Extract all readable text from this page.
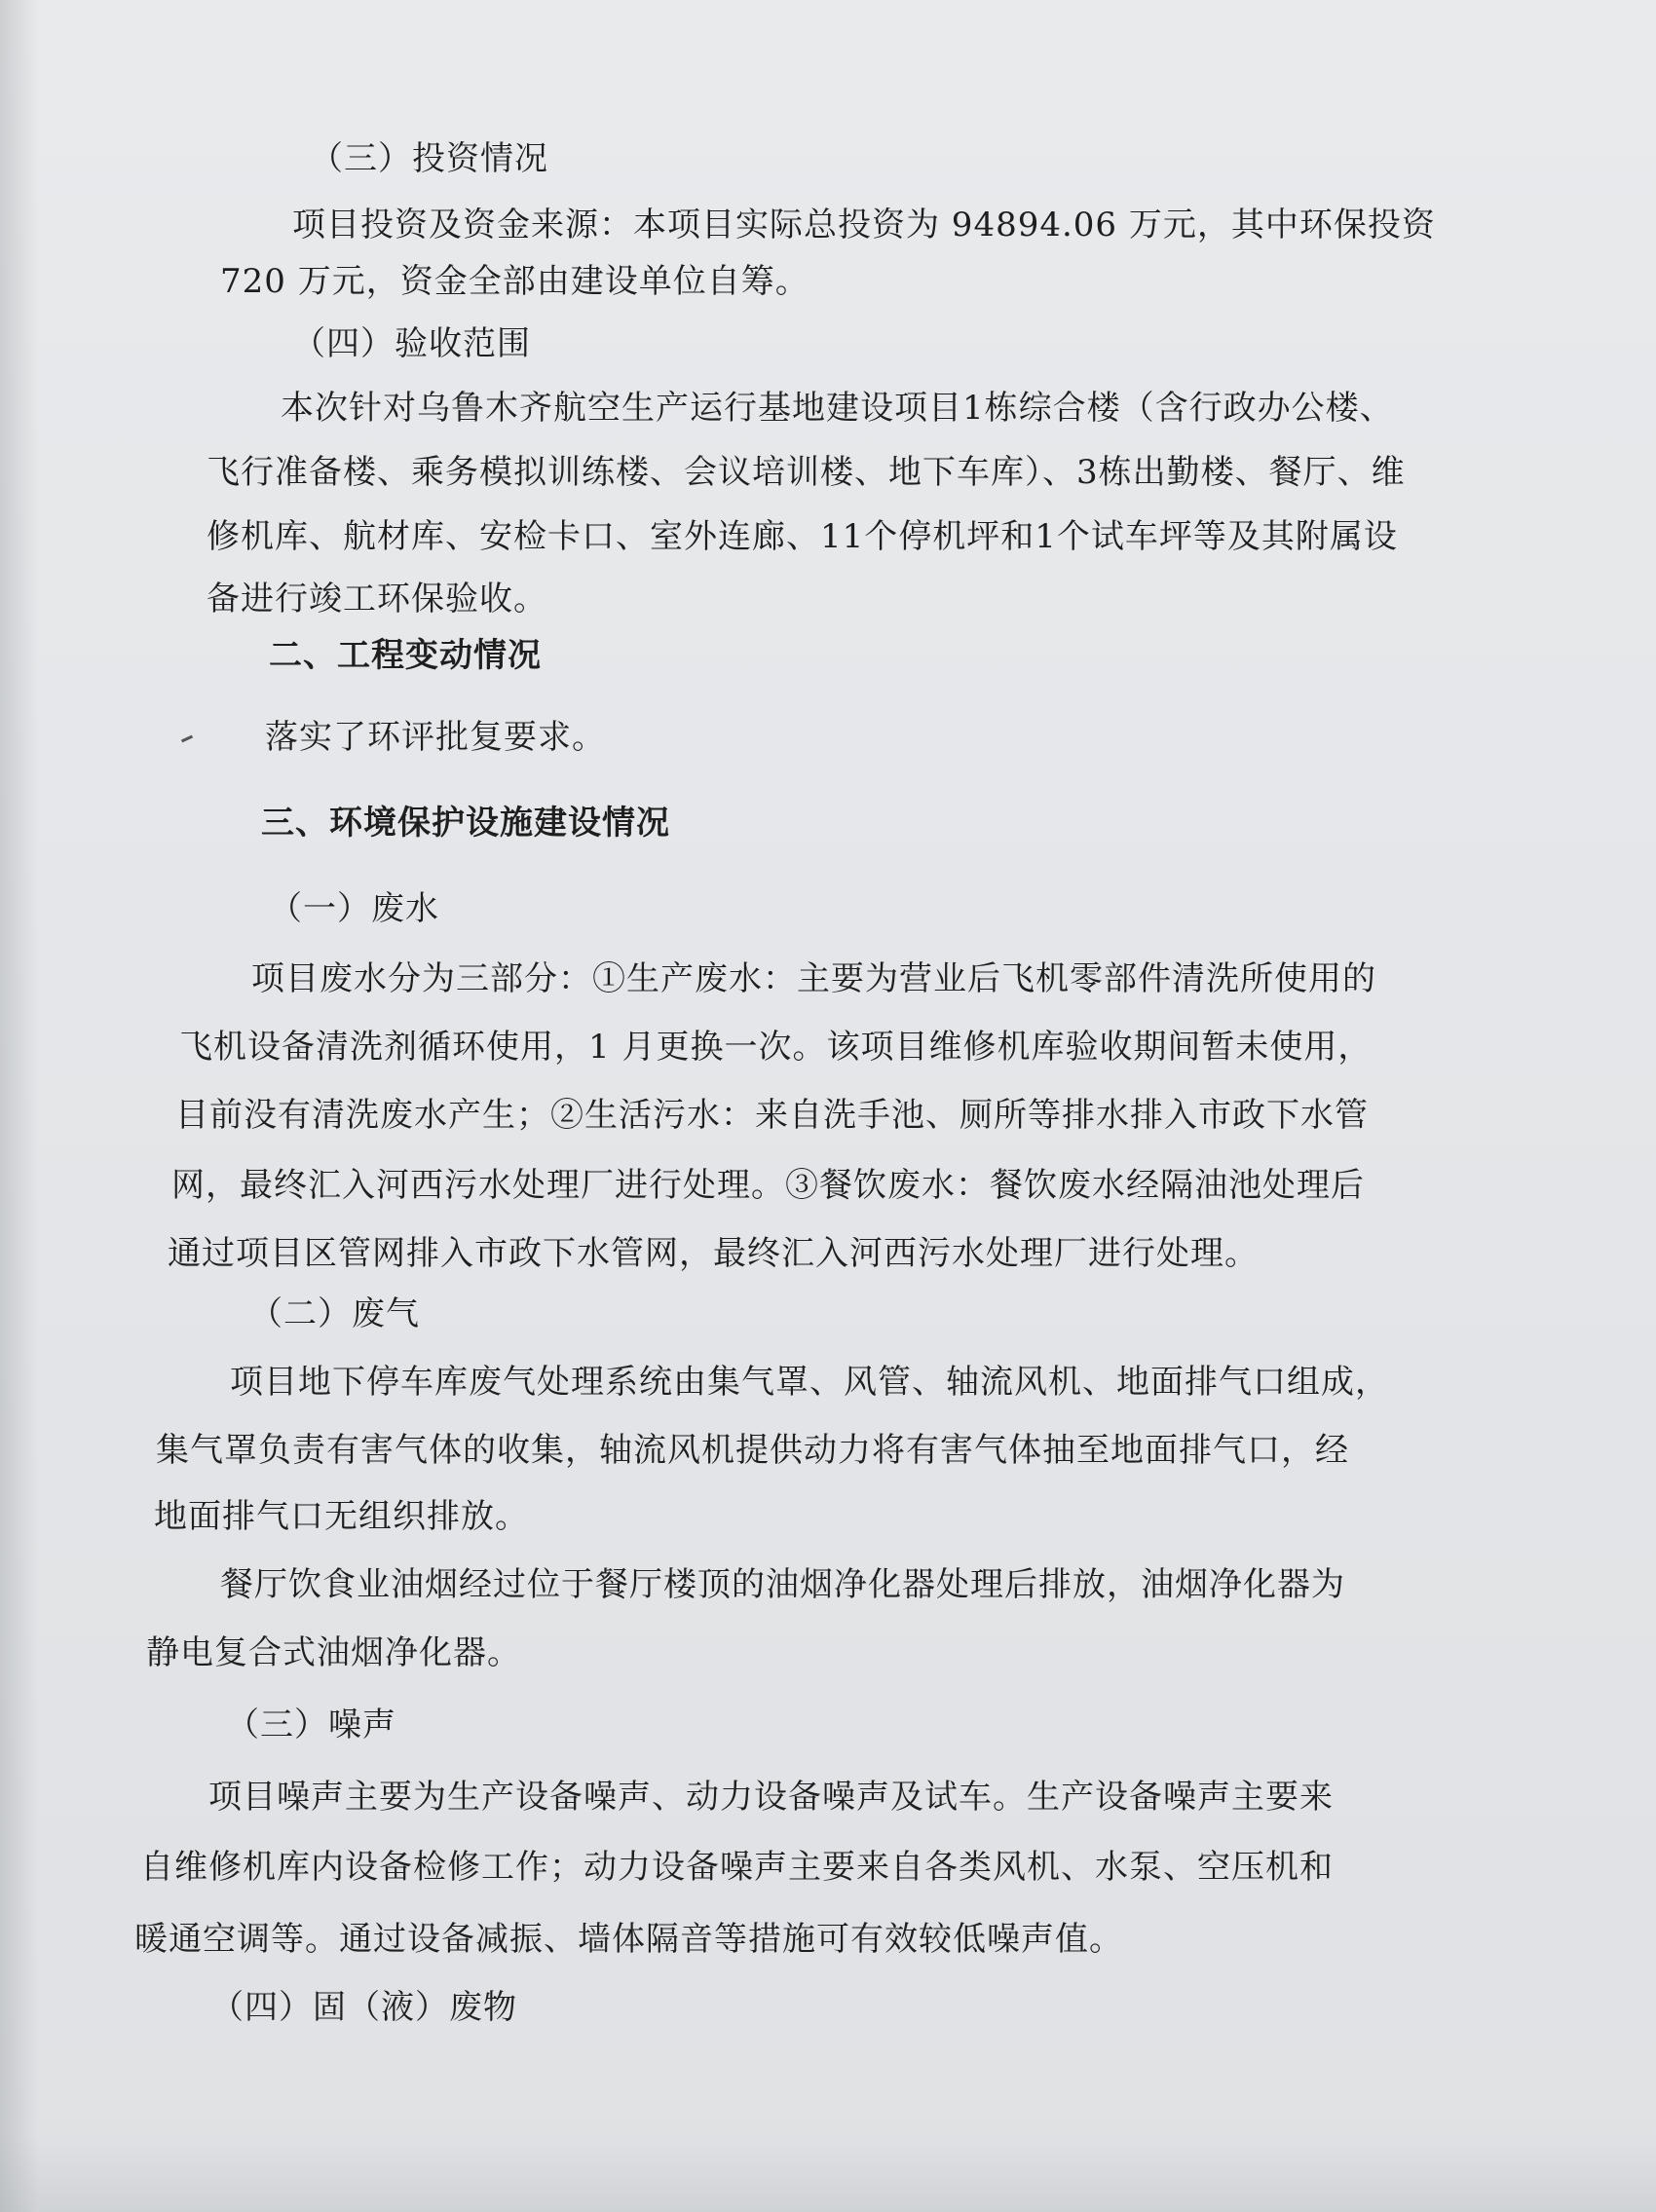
（三）投资情况
项目投资及资金来源：本项目实际总投资为 94894.06 万元，其中环保投资
720 万元，资金全部由建设单位自筹。
（四）验收范围
本次针对乌鲁木齐航空生产运行基地建设项目1栋综合楼（含行政办公楼、
飞行准备楼、乘务模拟训练楼、会议培训楼、地下车库）、3栋出勤楼、餐厅、维
修机库、航材库、安检卡口、室外连廊、11个停机坪和1个试车坪等及其附属设
备进行竣工环保验收。
二、工程变动情况
落实了环评批复要求。
三、环境保护设施建设情况
（一）废水
项目废水分为三部分：①生产废水：主要为营业后飞机零部件清洗所使用的
飞机设备清洗剂循环使用，1 月更换一次。该项目维修机库验收期间暂未使用，
目前没有清洗废水产生；②生活污水：来自洗手池、厕所等排水排入市政下水管
网，最终汇入河西污水处理厂进行处理。③餐饮废水：餐饮废水经隔油池处理后
通过项目区管网排入市政下水管网，最终汇入河西污水处理厂进行处理。
（二）废气
项目地下停车库废气处理系统由集气罩、风管、轴流风机、地面排气口组成，
集气罩负责有害气体的收集，轴流风机提供动力将有害气体抽至地面排气口，经
地面排气口无组织排放。
餐厅饮食业油烟经过位于餐厅楼顶的油烟净化器处理后排放，油烟净化器为
静电复合式油烟净化器。
（三）噪声
项目噪声主要为生产设备噪声、动力设备噪声及试车。生产设备噪声主要来
自维修机库内设备检修工作；动力设备噪声主要来自各类风机、水泵、空压机和
暖通空调等。通过设备减振、墙体隔音等措施可有效较低噪声值。
（四）固（液）废物
